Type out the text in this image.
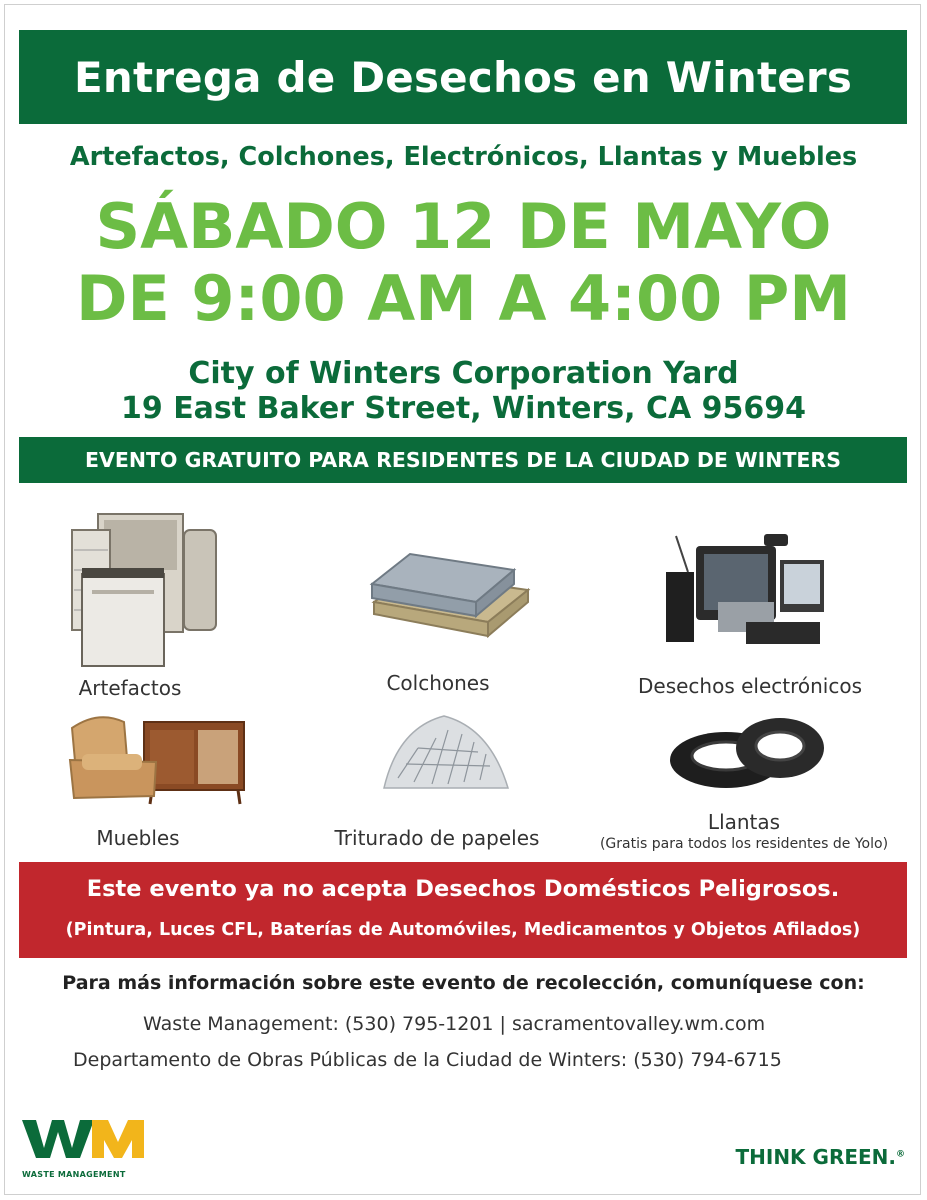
Entrega de Desechos en Winters
Artefactos, Colchones, Electrónicos, Llantas y Muebles
SÁBADO 12 DE MAYO
DE 9:00 AM A 4:00 PM
City of Winters Corporation Yard
19 East Baker Street, Winters, CA 95694
EVENTO GRATUITO PARA RESIDENTES DE LA CIUDAD DE WINTERS
Artefactos	Colchones	Desechos electrónicos
Muebles	Triturado de papeles
Llantas
(Gratis para todos los residentes de Yolo)
Este evento ya no acepta Desechos Domésticos Peligrosos.
(Pintura, Luces CFL, Baterías de Automóviles, Medicamentos y Objetos Afilados)
Para más información sobre este evento de recolección, comuníquese con:
Waste Management: (530) 795-1201 | sacramentovalley.wm.com
Departamento de Obras Públicas de la Ciudad de Winters: (530) 794-6715
WASTE MANAGEMENT
THINK GREEN.®
